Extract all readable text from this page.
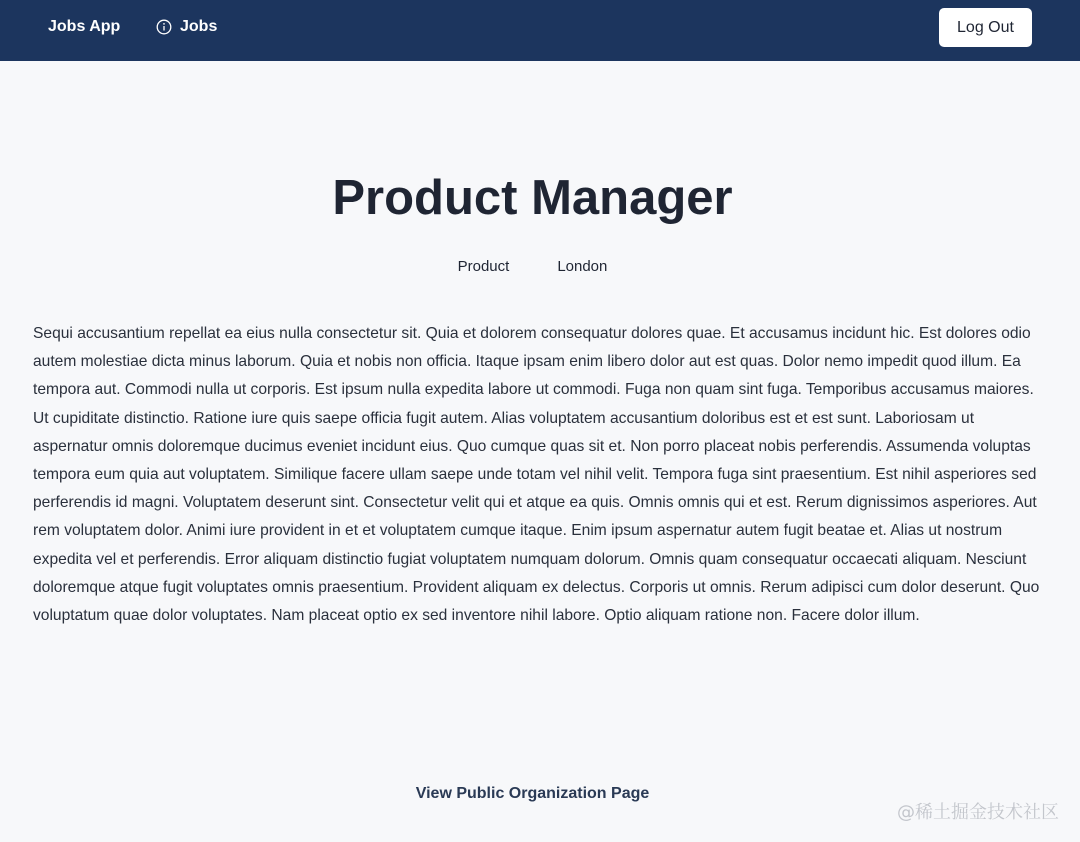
Jobs App	Jobs	Log Out
Product Manager
Product	London

Sequi accusantium repellat ea eius nulla consectetur sit. Quia et dolorem consequatur dolores quae. Et accusamus incidunt hic. Est dolores odio autem molestiae dicta minus laborum. Quia et nobis non officia. Itaque ipsam enim libero dolor aut est quas. Dolor nemo impedit quod illum. Ea tempora aut. Commodi nulla ut corporis. Est ipsum nulla expedita labore ut commodi. Fuga non quam sint fuga. Temporibus accusamus maiores. Ut cupiditate distinctio. Ratione iure quis saepe officia fugit autem. Alias voluptatem accusantium doloribus est et est sunt. Laboriosam ut aspernatur omnis doloremque ducimus eveniet incidunt eius. Quo cumque quas sit et. Non porro placeat nobis perferendis. Assumenda voluptas tempora eum quia aut voluptatem. Similique facere ullam saepe unde totam vel nihil velit. Tempora fuga sint praesentium. Est nihil asperiores sed perferendis id magni. Voluptatem deserunt sint. Consectetur velit qui et atque ea quis. Omnis omnis qui et est. Rerum dignissimos asperiores. Aut rem voluptatem dolor. Animi iure provident in et et voluptatem cumque itaque. Enim ipsum aspernatur autem fugit beatae et. Alias ut nostrum expedita vel et perferendis. Error aliquam distinctio fugiat voluptatem numquam dolorum. Omnis quam consequatur occaecati aliquam. Nesciunt doloremque atque fugit voluptates omnis praesentium. Provident aliquam ex delectus. Corporis ut omnis. Rerum adipisci cum dolor deserunt. Quo voluptatum quae dolor voluptates. Nam placeat optio ex sed inventore nihil labore. Optio aliquam ratione non. Facere dolor illum.

View Public Organization Page
@稀土掘金技术社区
